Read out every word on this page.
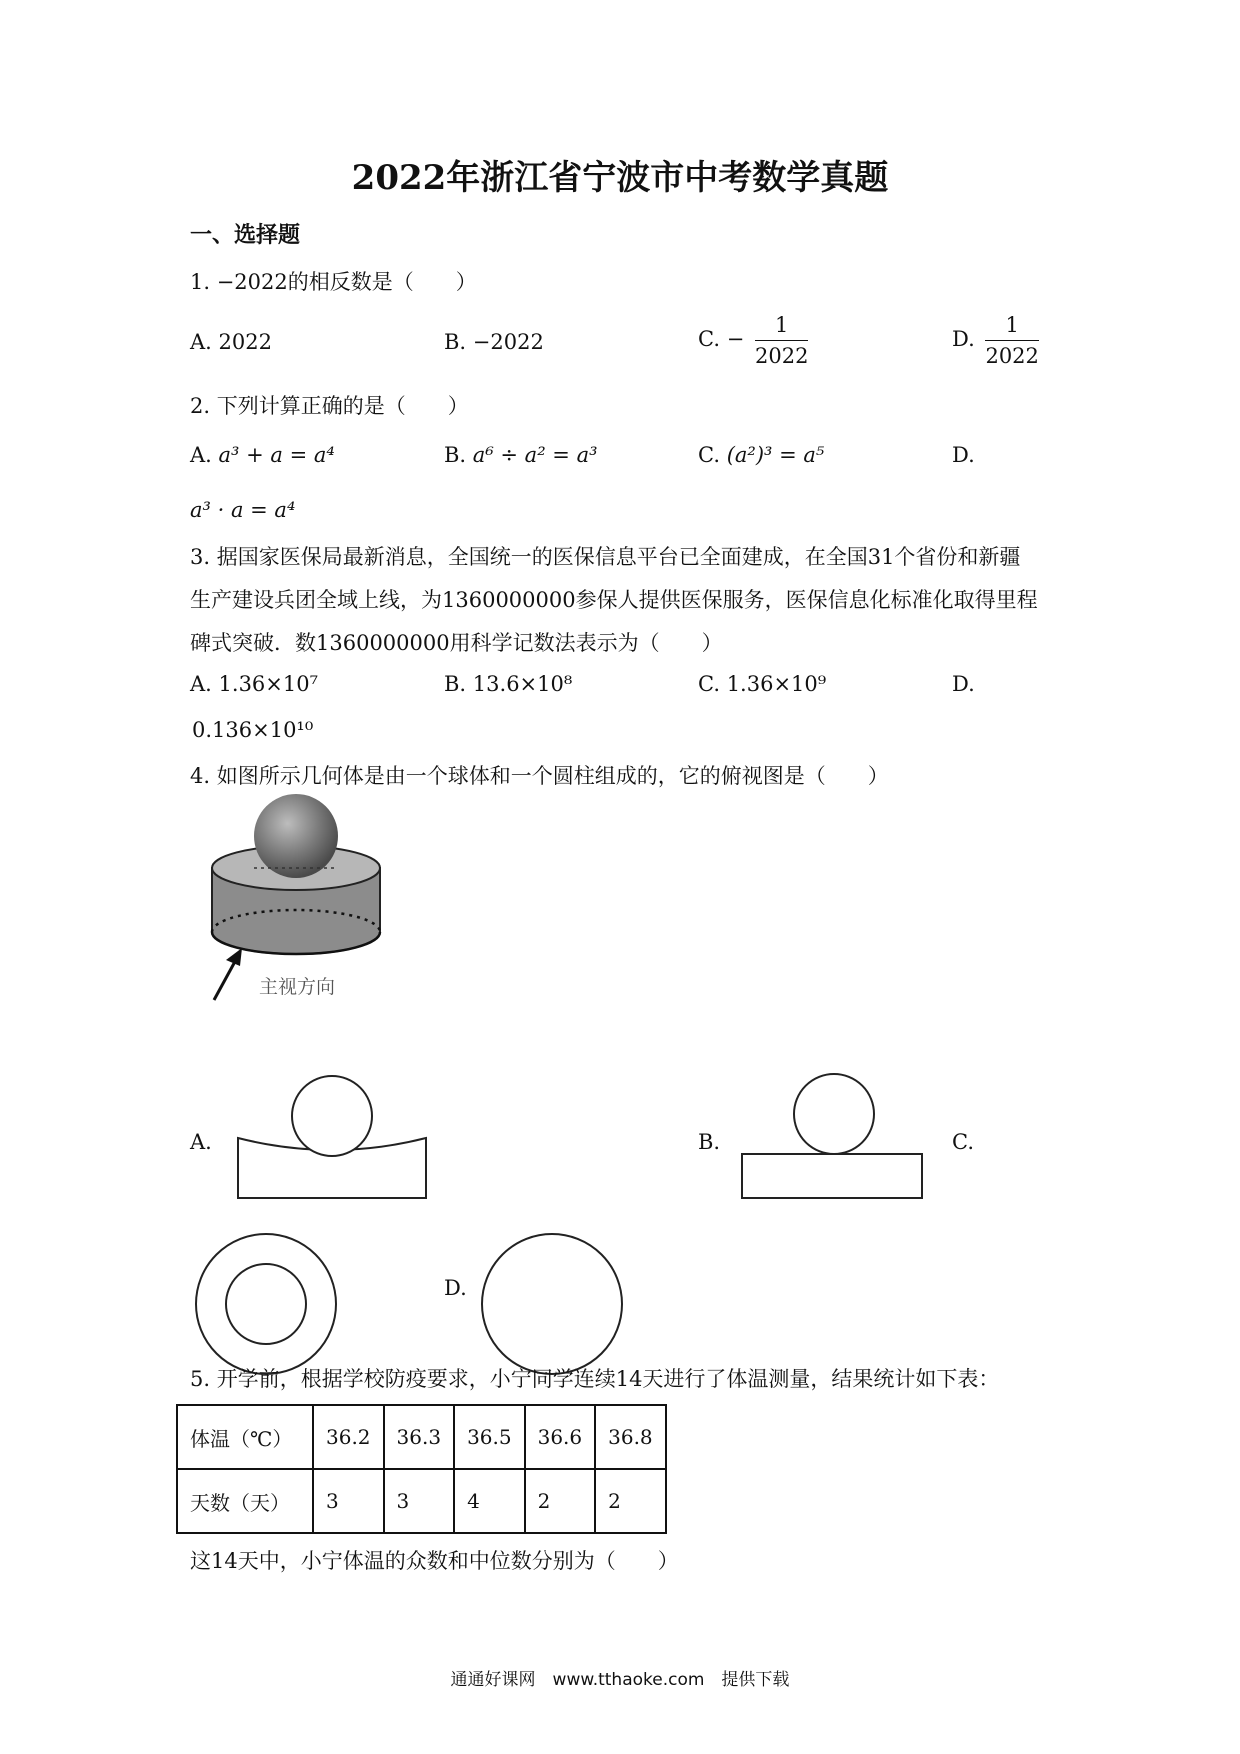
2022年浙江省宁波市中考数学真题
一、选择题
1. −2022的相反数是（　　）
A. 2022	B. −2022	C. − $\frac{1}{2022}$	D. $\frac{1}{2022}$
2. 下列计算正确的是（　　）
A. a³ + a = a⁴	B. a⁶ ÷ a² = a³	C. (a²)³ = a⁵	D.
a³ · a = a⁴
3. 据国家医保局最新消息，全国统一的医保信息平台已全面建成，在全国31个省份和新疆
生产建设兵团全域上线，为1360000000参保人提供医保服务，医保信息化标准化取得里程
碑式突破．数1360000000用科学记数法表示为（　　）
A. 1.36×10⁷	B. 13.6×10⁸	C. 1.36×10⁹	D.
0.136×10¹⁰
4. 如图所示几何体是由一个球体和一个圆柱组成的，它的俯视图是（　　）
主视方向
A.	B.	C.
D.
5. 开学前，根据学校防疫要求，小宁同学连续14天进行了体温测量，结果统计如下表：
体温（℃）	36.2	36.3	36.5	36.6	36.8
天数（天）	3	3	4	2	2
这14天中，小宁体温的众数和中位数分别为（　　）
通通好课网　www.tthaoke.com　提供下载
